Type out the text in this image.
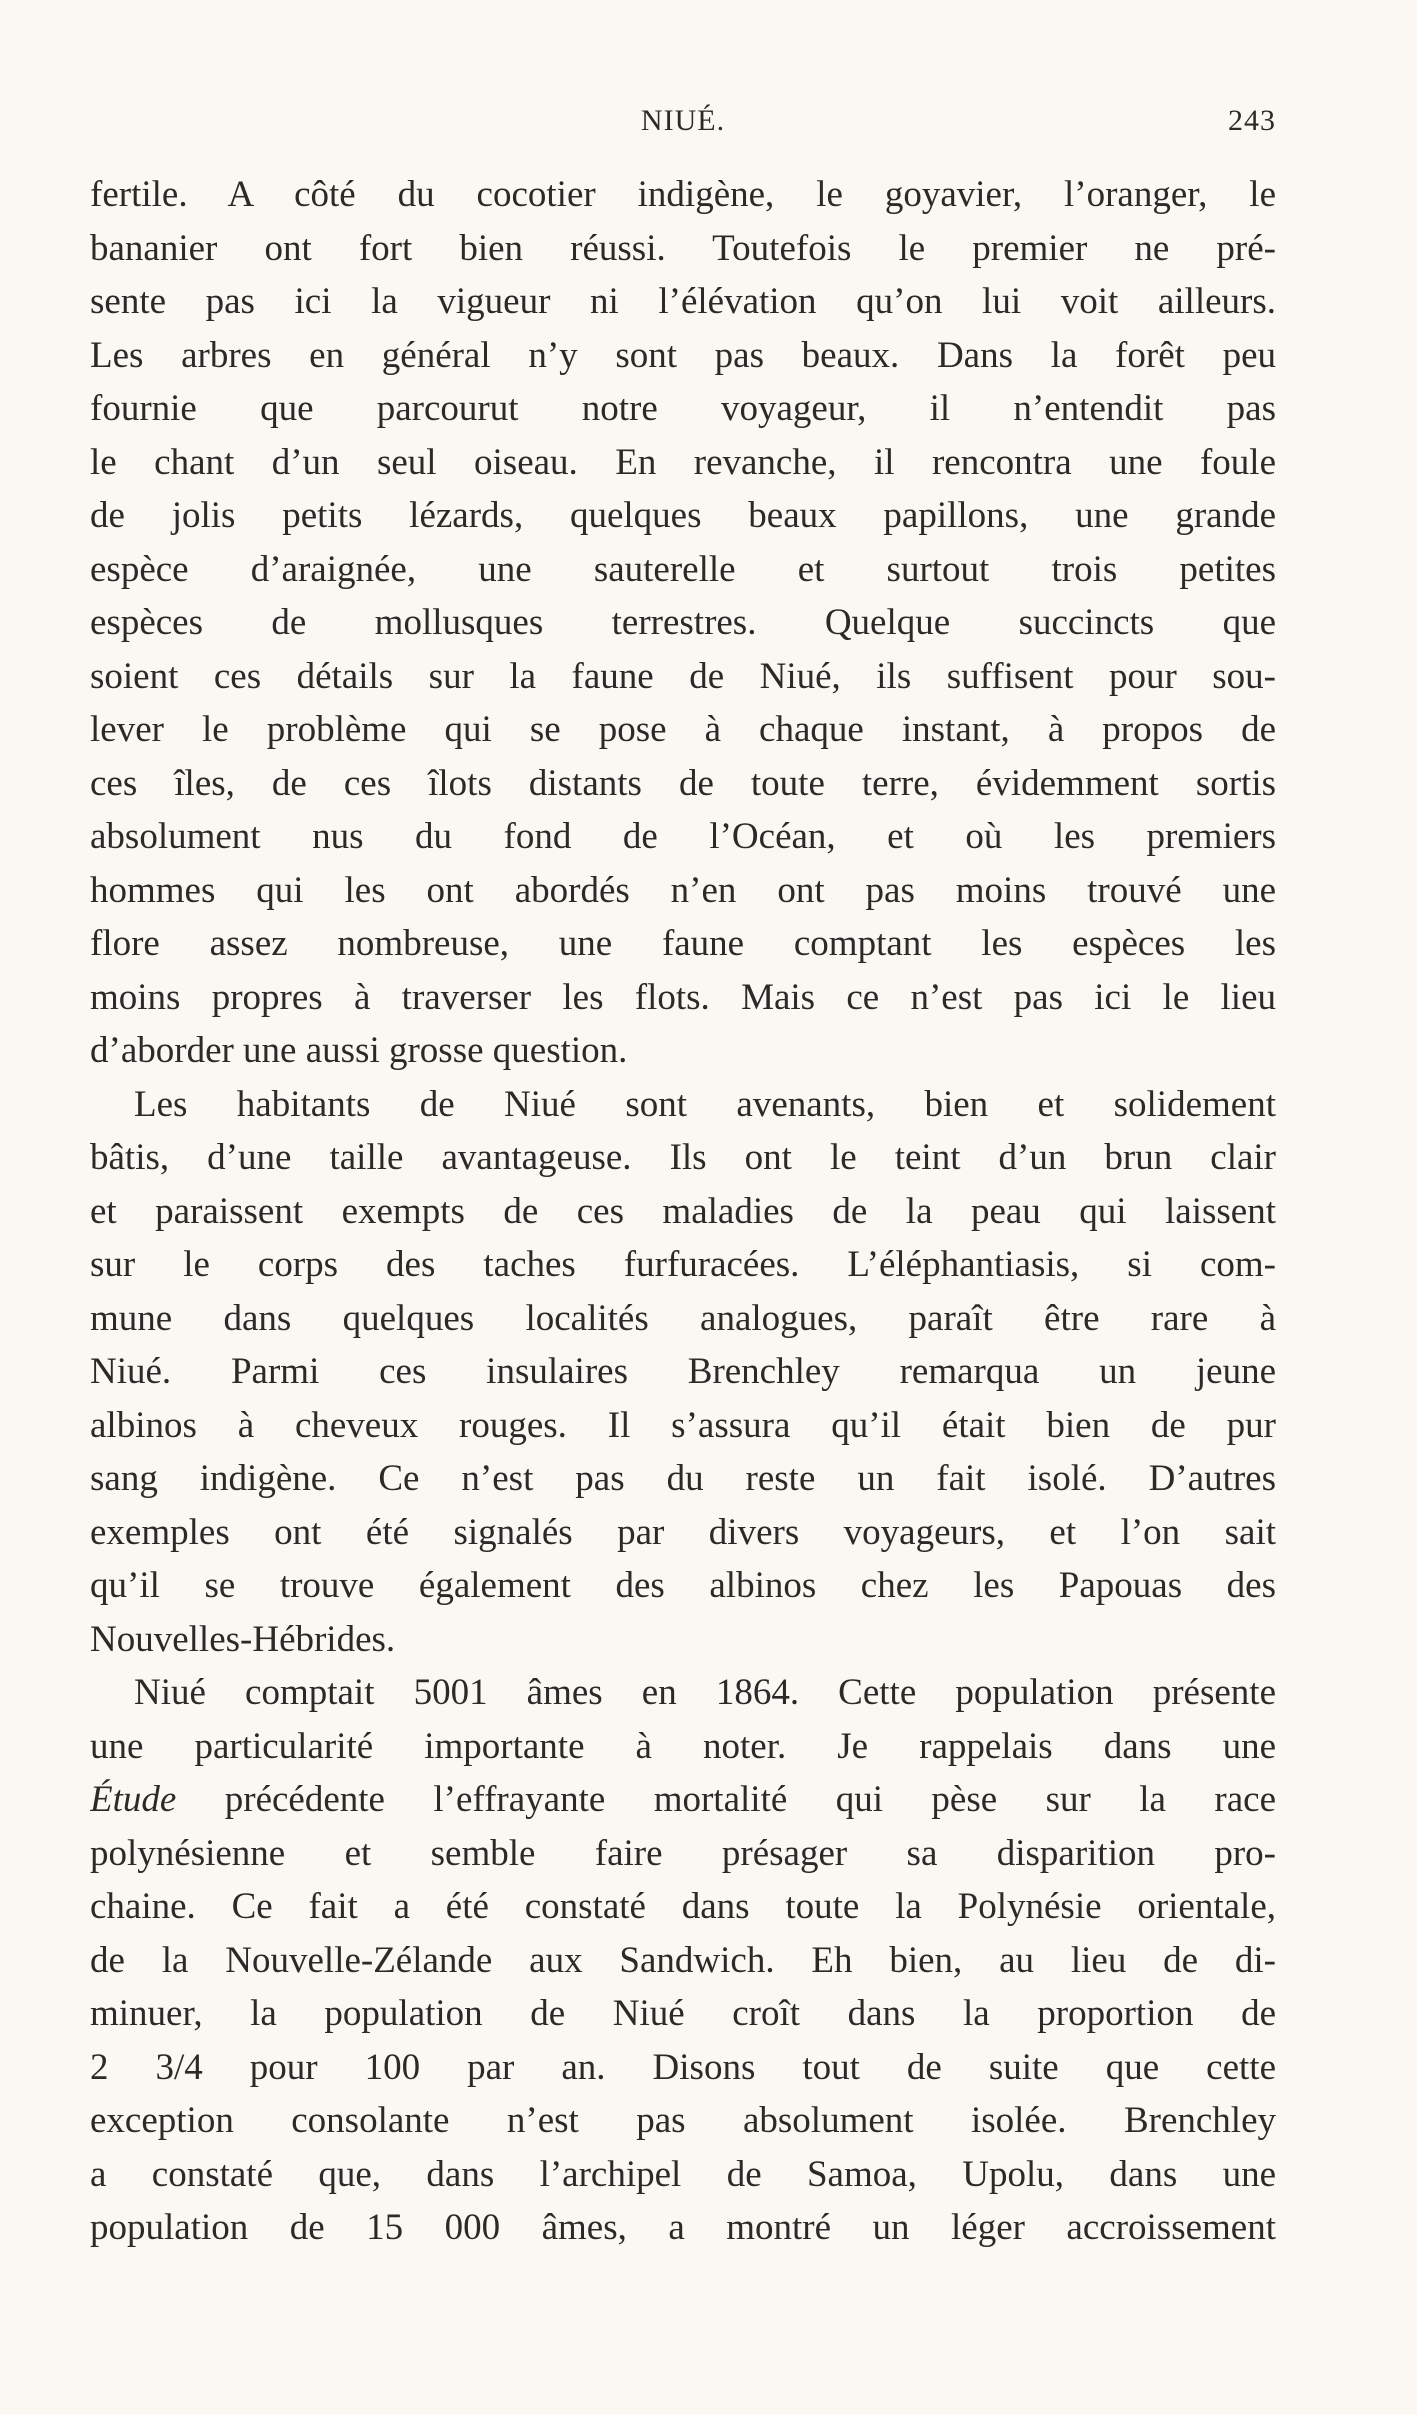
NIUÉ.	243
fertile. A côté du cocotier indigène, le goyavier, l’oranger, le
bananier ont fort bien réussi. Toutefois le premier ne pré-
sente pas ici la vigueur ni l’élévation qu’on lui voit ailleurs.
Les arbres en général n’y sont pas beaux. Dans la forêt peu
fournie que parcourut notre voyageur, il n’entendit pas
le chant d’un seul oiseau. En revanche, il rencontra une foule
de jolis petits lézards, quelques beaux papillons, une grande
espèce d’araignée, une sauterelle et surtout trois petites
espèces de mollusques terrestres. Quelque succincts que
soient ces détails sur la faune de Niué, ils suffisent pour sou-
lever le problème qui se pose à chaque instant, à propos de
ces îles, de ces îlots distants de toute terre, évidemment sortis
absolument nus du fond de l’Océan, et où les premiers
hommes qui les ont abordés n’en ont pas moins trouvé une
flore assez nombreuse, une faune comptant les espèces les
moins propres à traverser les flots. Mais ce n’est pas ici le lieu
d’aborder une aussi grosse question.
Les habitants de Niué sont avenants, bien et solidement
bâtis, d’une taille avantageuse. Ils ont le teint d’un brun clair
et paraissent exempts de ces maladies de la peau qui laissent
sur le corps des taches furfuracées. L’éléphantiasis, si com-
mune dans quelques localités analogues, paraît être rare à
Niué. Parmi ces insulaires Brenchley remarqua un jeune
albinos à cheveux rouges. Il s’assura qu’il était bien de pur
sang indigène. Ce n’est pas du reste un fait isolé. D’autres
exemples ont été signalés par divers voyageurs, et l’on sait
qu’il se trouve également des albinos chez les Papouas des
Nouvelles-Hébrides.
Niué comptait 5001 âmes en 1864. Cette population présente
une particularité importante à noter. Je rappelais dans une
Étude précédente l’effrayante mortalité qui pèse sur la race
polynésienne et semble faire présager sa disparition pro-
chaine. Ce fait a été constaté dans toute la Polynésie orientale,
de la Nouvelle-Zélande aux Sandwich. Eh bien, au lieu de di-
minuer, la population de Niué croît dans la proportion de
2 3/4 pour 100 par an. Disons tout de suite que cette
exception consolante n’est pas absolument isolée. Brenchley
a constaté que, dans l’archipel de Samoa, Upolu, dans une
population de 15 000 âmes, a montré un léger accroissement
